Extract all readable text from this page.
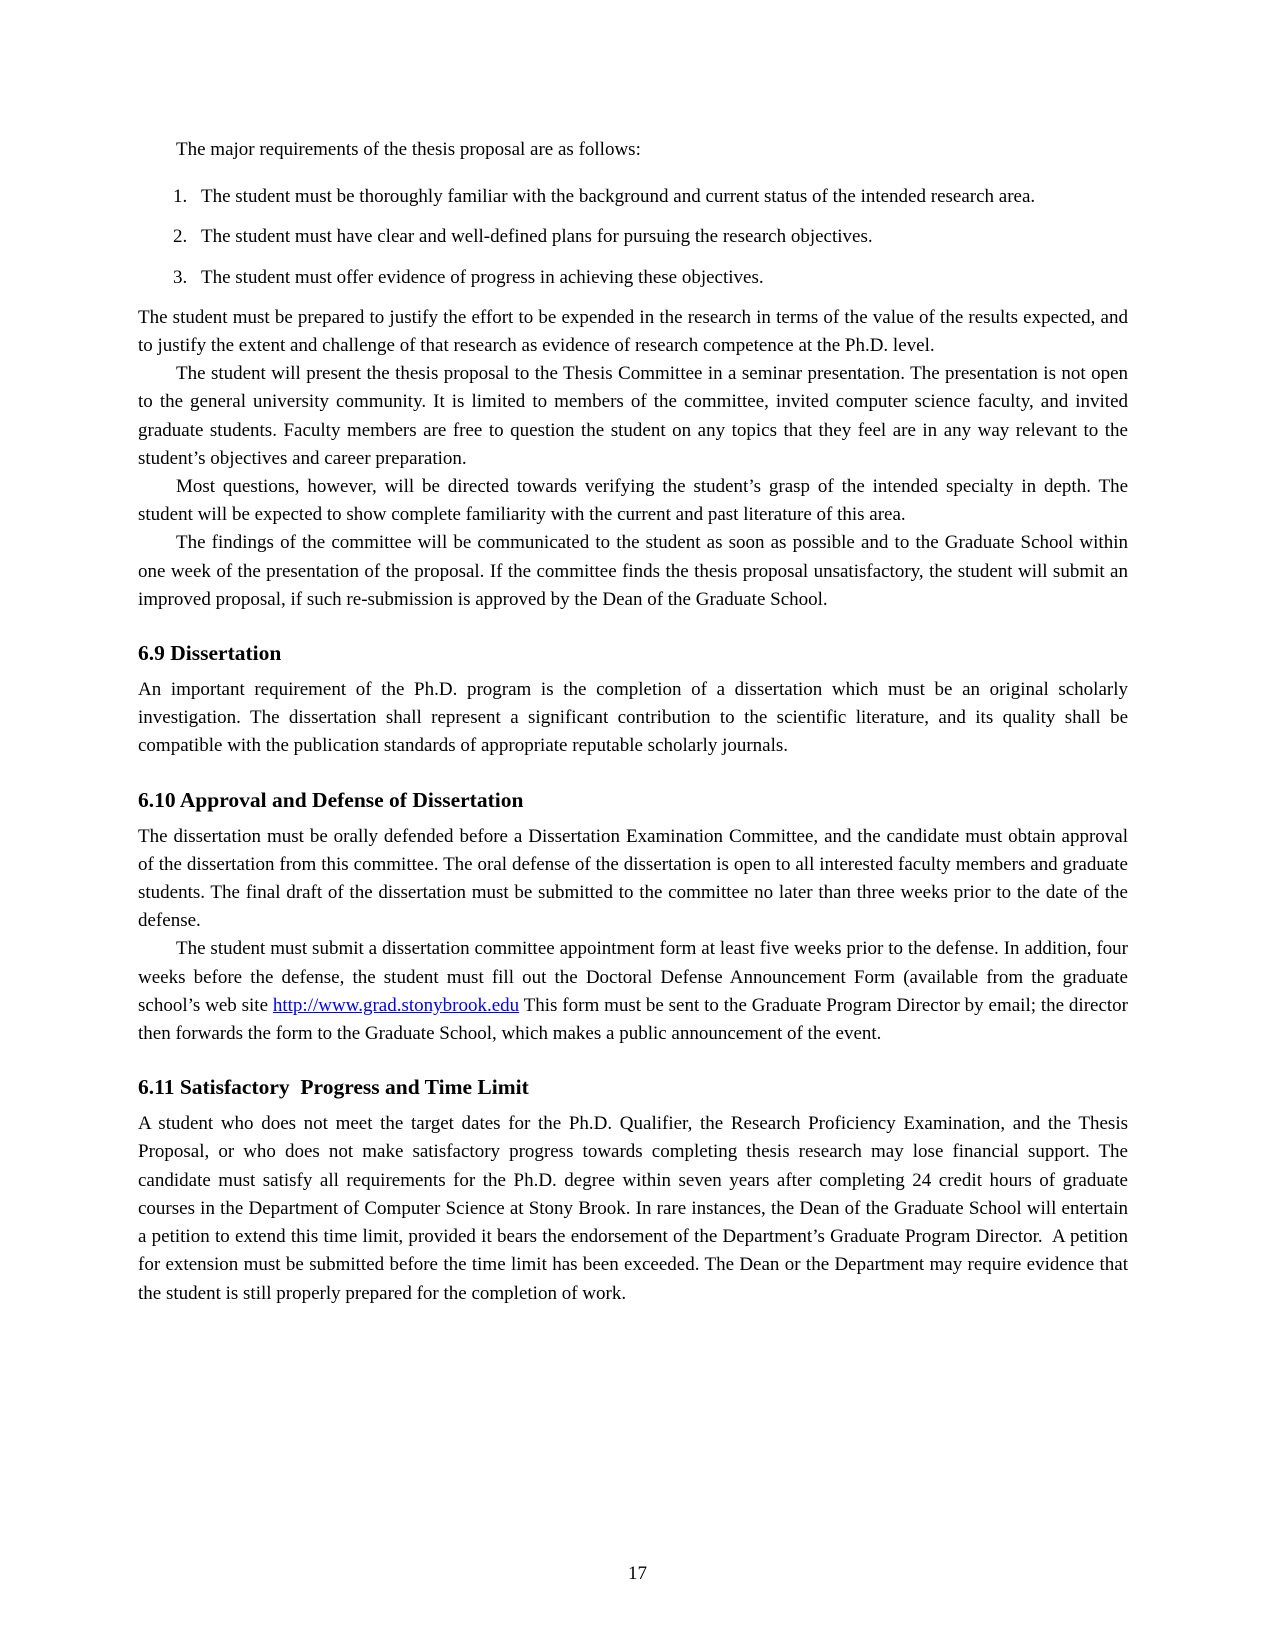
The major requirements of the thesis proposal are as follows:

1. The student must be thoroughly familiar with the background and current status of the intended research area.
2. The student must have clear and well-defined plans for pursuing the research objectives.
3. The student must offer evidence of progress in achieving these objectives.

The student must be prepared to justify the effort to be expended in the research in terms of the value of the results expected, and to justify the extent and challenge of that research as evidence of research competence at the Ph.D. level.

The student will present the thesis proposal to the Thesis Committee in a seminar presentation. The presentation is not open to the general university community. It is limited to members of the committee, invited computer science faculty, and invited graduate students. Faculty members are free to question the student on any topics that they feel are in any way relevant to the student’s objectives and career preparation.

Most questions, however, will be directed towards verifying the student’s grasp of the intended specialty in depth. The student will be expected to show complete familiarity with the current and past literature of this area.

The findings of the committee will be communicated to the student as soon as possible and to the Graduate School within one week of the presentation of the proposal. If the committee finds the thesis proposal unsatisfactory, the student will submit an improved proposal, if such re-submission is approved by the Dean of the Graduate School.

6.9 Dissertation

An important requirement of the Ph.D. program is the completion of a dissertation which must be an original scholarly investigation. The dissertation shall represent a significant contribution to the scientific literature, and its quality shall be compatible with the publication standards of appropriate reputable scholarly journals.

6.10 Approval and Defense of Dissertation

The dissertation must be orally defended before a Dissertation Examination Committee, and the candidate must obtain approval of the dissertation from this committee. The oral defense of the dissertation is open to all interested faculty members and graduate students. The final draft of the dissertation must be submitted to the committee no later than three weeks prior to the date of the defense.

The student must submit a dissertation committee appointment form at least five weeks prior to the defense. In addition, four weeks before the defense, the student must fill out the Doctoral Defense Announcement Form (available from the graduate school’s web site http://www.grad.stonybrook.edu This form must be sent to the Graduate Program Director by email; the director then forwards the form to the Graduate School, which makes a public announcement of the event.

6.11 Satisfactory  Progress and Time Limit

A student who does not meet the target dates for the Ph.D. Qualifier, the Research Proficiency Examination, and the Thesis Proposal, or who does not make satisfactory progress towards completing thesis research may lose financial support. The candidate must satisfy all requirements for the Ph.D. degree within seven years after completing 24 credit hours of graduate courses in the Department of Computer Science at Stony Brook. In rare instances, the Dean of the Graduate School will entertain a petition to extend this time limit, provided it bears the endorsement of the Department’s Graduate Program Director.  A petition for extension must be submitted before the time limit has been exceeded. The Dean or the Department may require evidence that the student is still properly prepared for the completion of work.

17
